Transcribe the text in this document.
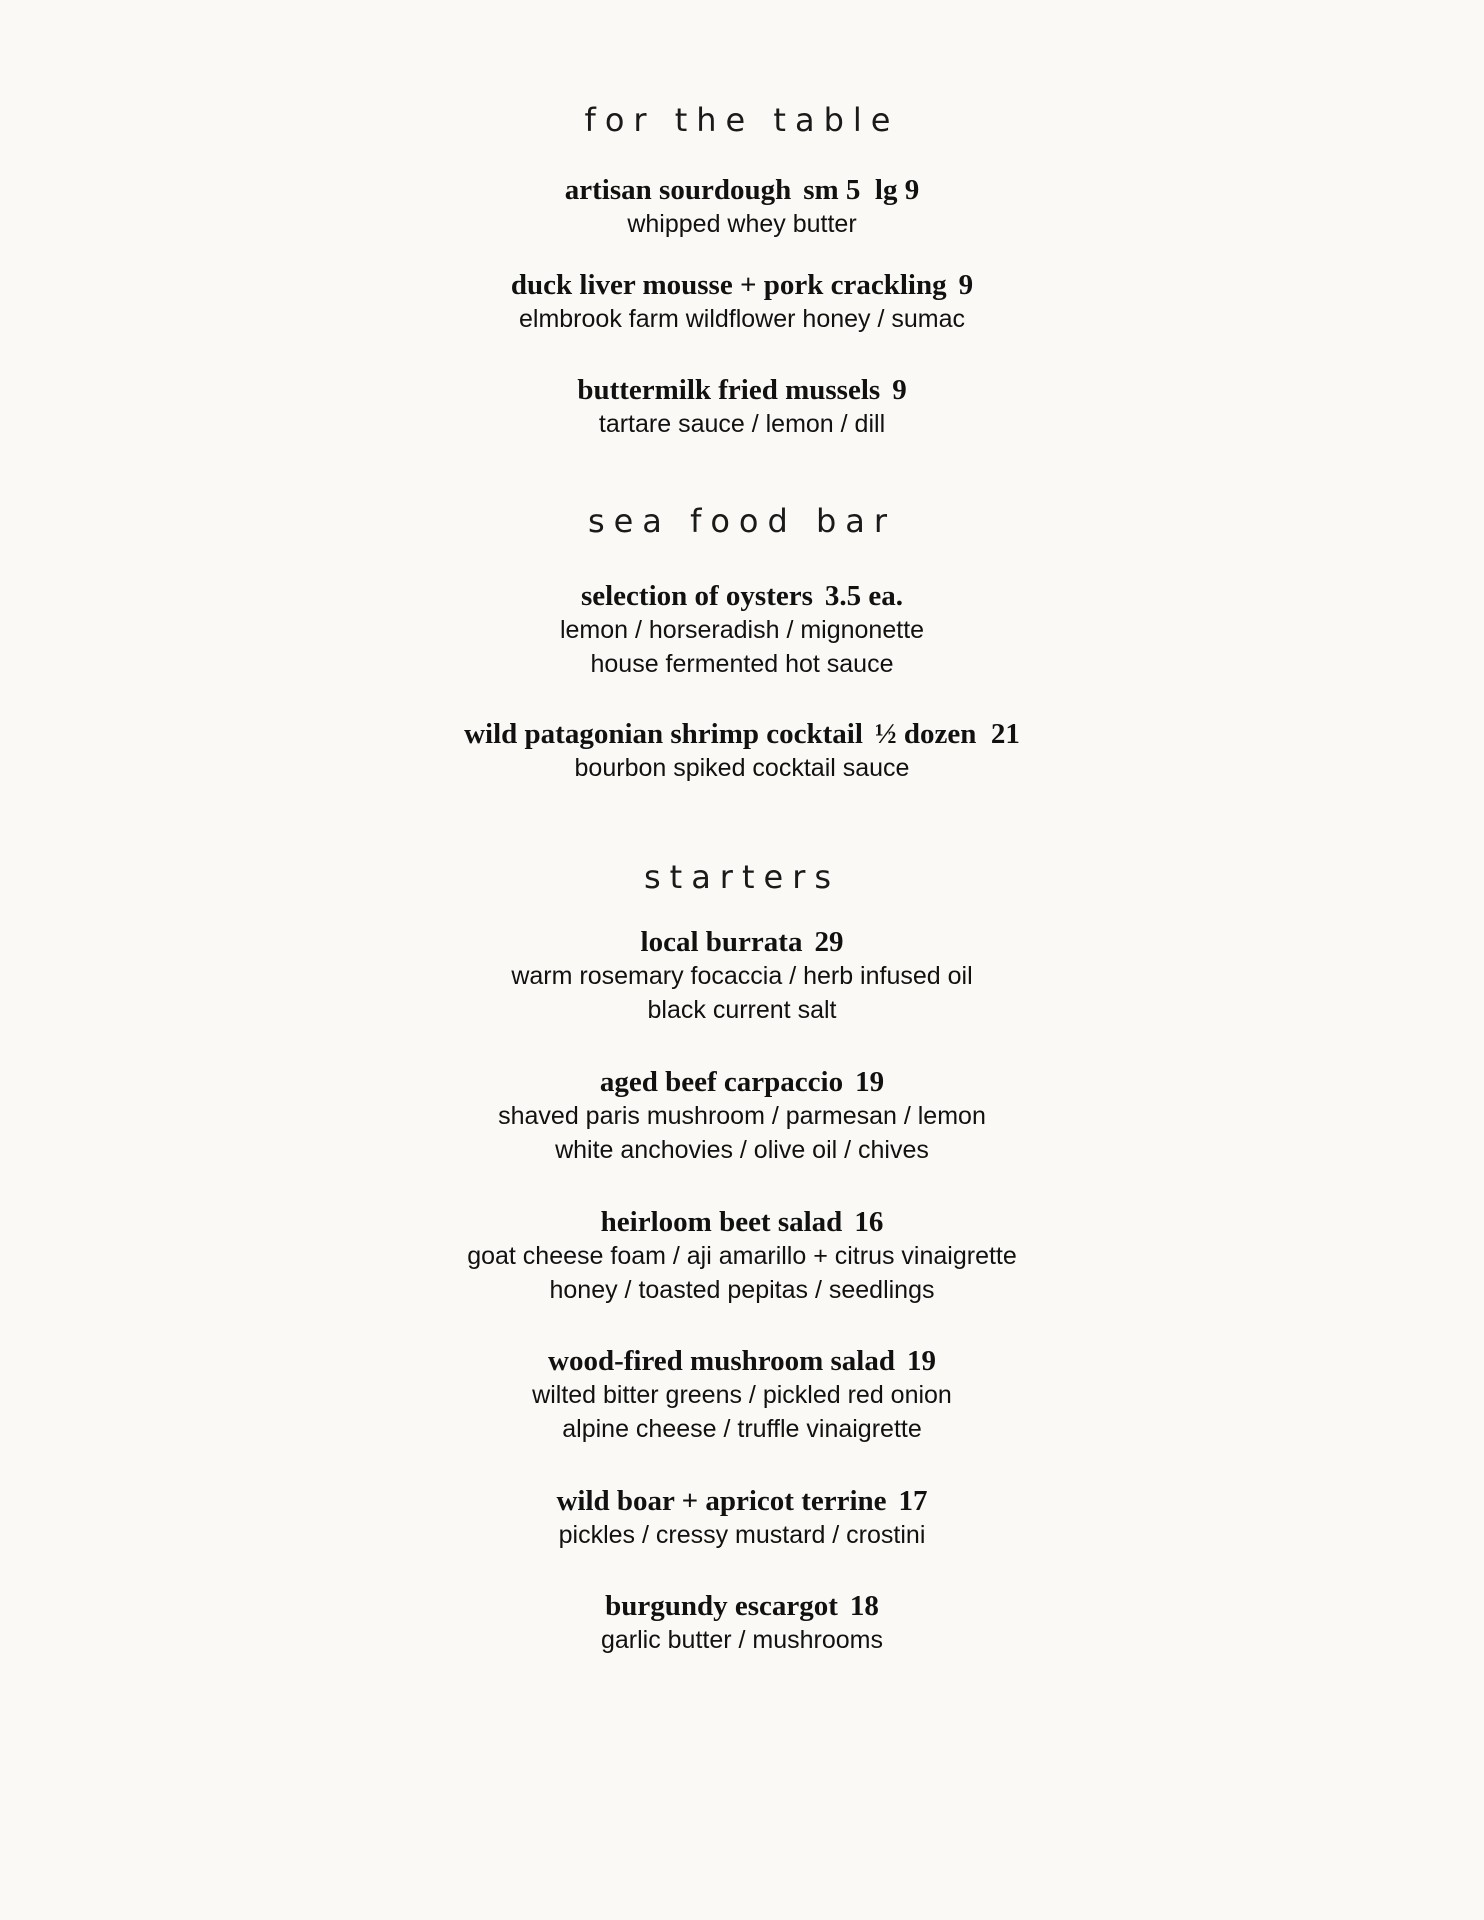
for the table
artisan sourdough sm 5  lg 9
whipped whey butter
duck liver mousse + pork crackling 9
elmbrook farm wildflower honey / sumac
buttermilk fried mussels 9
tartare sauce / lemon / dill
sea food bar
selection of oysters 3.5 ea.
lemon / horseradish / mignonette
house fermented hot sauce
wild patagonian shrimp cocktail ½ dozen  21
bourbon spiked cocktail sauce
starters
local burrata 29
warm rosemary focaccia / herb infused oil
black current salt
aged beef carpaccio 19
shaved paris mushroom / parmesan / lemon
white anchovies / olive oil / chives
heirloom beet salad 16
goat cheese foam / aji amarillo + citrus vinaigrette
honey / toasted pepitas / seedlings
wood-fired mushroom salad 19
wilted bitter greens / pickled red onion
alpine cheese / truffle vinaigrette
wild boar + apricot terrine 17
pickles / cressy mustard / crostini
burgundy escargot 18
garlic butter / mushrooms
